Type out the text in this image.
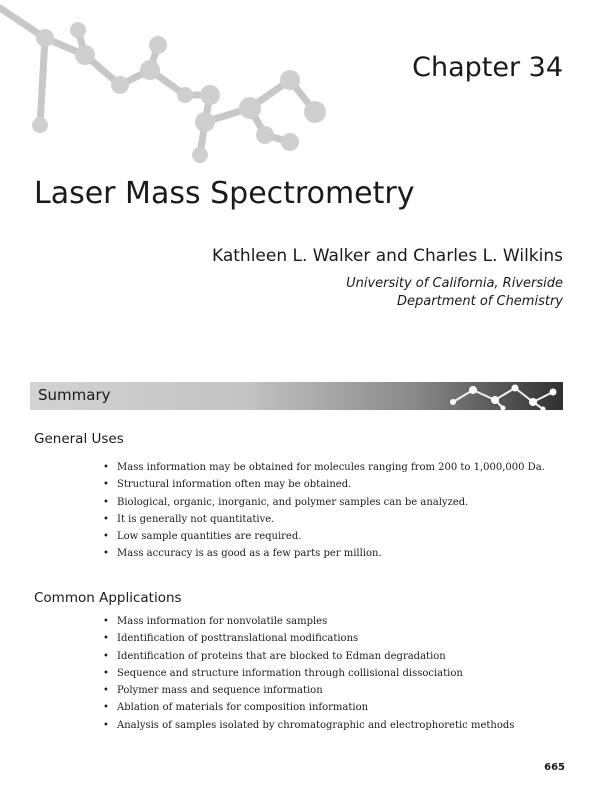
Chapter 34
Laser Mass Spectrometry
Kathleen L. Walker and Charles L. Wilkins
University of California, Riverside
Department of Chemistry
Summary
General Uses
• Mass information may be obtained for molecules ranging from 200 to 1,000,000 Da.
• Structural information often may be obtained.
• Biological, organic, inorganic, and polymer samples can be analyzed.
• It is generally not quantitative.
• Low sample quantities are required.
• Mass accuracy is as good as a few parts per million.
Common Applications
• Mass information for nonvolatile samples
• Identification of posttranslational modifications
• Identification of proteins that are blocked to Edman degradation
• Sequence and structure information through collisional dissociation
• Polymer mass and sequence information
• Ablation of materials for composition information
• Analysis of samples isolated by chromatographic and electrophoretic methods
665
